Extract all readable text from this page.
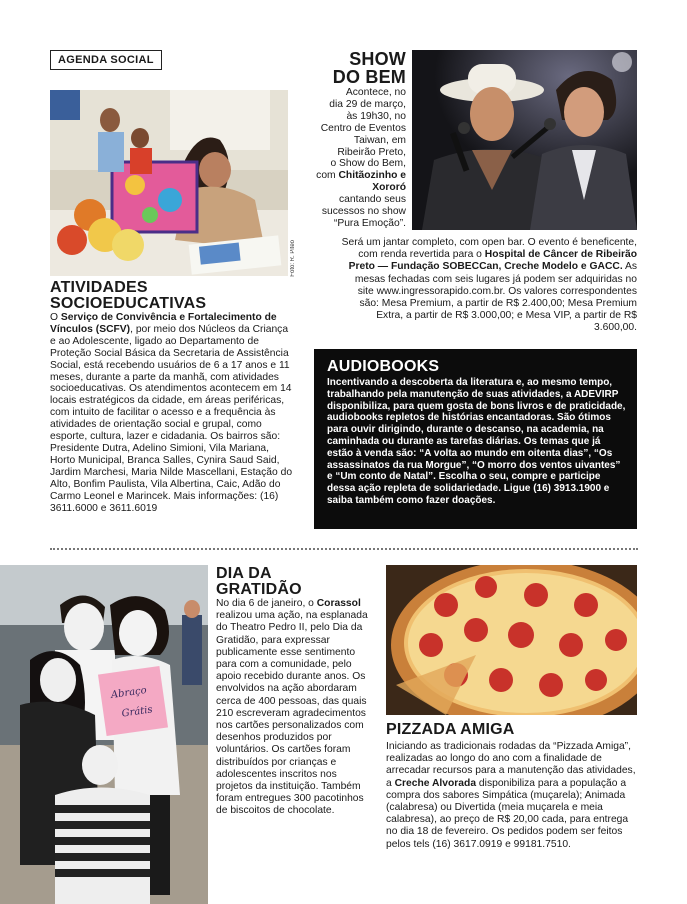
AGENDA SOCIAL	SHOW
DO BEM
Acontece, no
dia 29 de março,
às 19h30, no
Centro de Eventos
Taiwan, em
Ribeirão Preto,
o Show do Bem,
com Chitãozinho e Xororó
cantando seus
sucessos no show
“Pura Emoção”.
Será um jantar completo, com open bar. O evento é beneficente, com renda revertida para o Hospital de Câncer de Ribeirão Preto — Fundação SOBECCan, Creche Modelo e GACC. As mesas fechadas com seis lugares já podem ser adquiridas no site www.ingressorapido.com.br. Os valores correspondentes são: Mesa Premium, a partir de R$ 2.400,00; Mesa Premium Extra, a partir de R$ 3.000,00; e Mesa VIP, a partir de R$ 3.600,00.
Foto: R. Piteo
ATIVIDADES
SOCIOEDUCATIVAS
O Serviço de Convivência e Fortalecimento de Vínculos (SCFV), por meio dos Núcleos da Criança e ao Adolescente, ligado ao Departamento de Proteção Social Básica da Secretaria de Assistência Social, está recebendo usuários de 6 a 17 anos e 11 meses, durante a parte da manhã, com atividades socioeducativas. Os atendimentos acontecem em 14 locais estratégicos da cidade, em áreas periféricas, com intuito de facilitar o acesso e a frequência às atividades de orientação social e grupal, como esporte, cultura, lazer e cidadania. Os bairros são: Presidente Dutra, Adelino Simioni, Vila Mariana, Horto Municipal, Branca Salles, Cynira Saud Said, Jardim Marchesi, Maria Nilde Mascellani, Estação do Alto, Bonfim Paulista, Vila Albertina, Caic, Adão do Carmo Leonel e Marincek. Mais informações: (16) 3611.6000 e 3611.6019
AUDIOBOOKS
Incentivando a descoberta da literatura e, ao mesmo tempo, trabalhando pela manutenção de suas atividades, a ADEVIRP disponibiliza, para quem gosta de bons livros e de praticidade, audiobooks repletos de histórias encantadoras. São ótimos para ouvir dirigindo, durante o descanso, na academia, na caminhada ou durante as tarefas diárias. Os temas que já estão à venda são: “A volta ao mundo em oitenta dias”, “Os assassinatos da rua Morgue”, “O morro dos ventos uivantes” e “Um conto de Natal”. Escolha o seu, compre e participe dessa ação repleta de solidariedade. Ligue (16) 3913.1900 e saiba também como fazer doações.
Abraço
Grátis
DIA DA
GRATIDÃO
No dia 6 de janeiro, o Corassol realizou uma ação, na esplanada do Theatro Pedro II, pelo Dia da Gratidão, para expressar publicamente esse sentimento para com a comunidade, pelo apoio recebido durante anos. Os envolvidos na ação abordaram cerca de 400 pessoas, das quais 210 escreveram agradecimentos nos cartões personalizados com desenhos produzidos por voluntários. Os cartões foram distribuídos por crianças e adolescentes inscritos nos projetos da instituição. Também foram entregues 300 pacotinhos de biscoitos de chocolate.
PIZZADA AMIGA
Iniciando as tradicionais rodadas da “Pizzada Amiga”, realizadas ao longo do ano com a finalidade de arrecadar recursos para a manutenção das atividades, a Creche Alvorada disponibiliza para a população a compra dos sabores Simpática (muçarela); Animada (calabresa) ou Divertida (meia muçarela e meia calabresa), ao preço de R$ 20,00 cada, para entrega no dia 18 de fevereiro. Os pedidos podem ser feitos pelos tels (16) 3617.0919 e 99181.7510.
